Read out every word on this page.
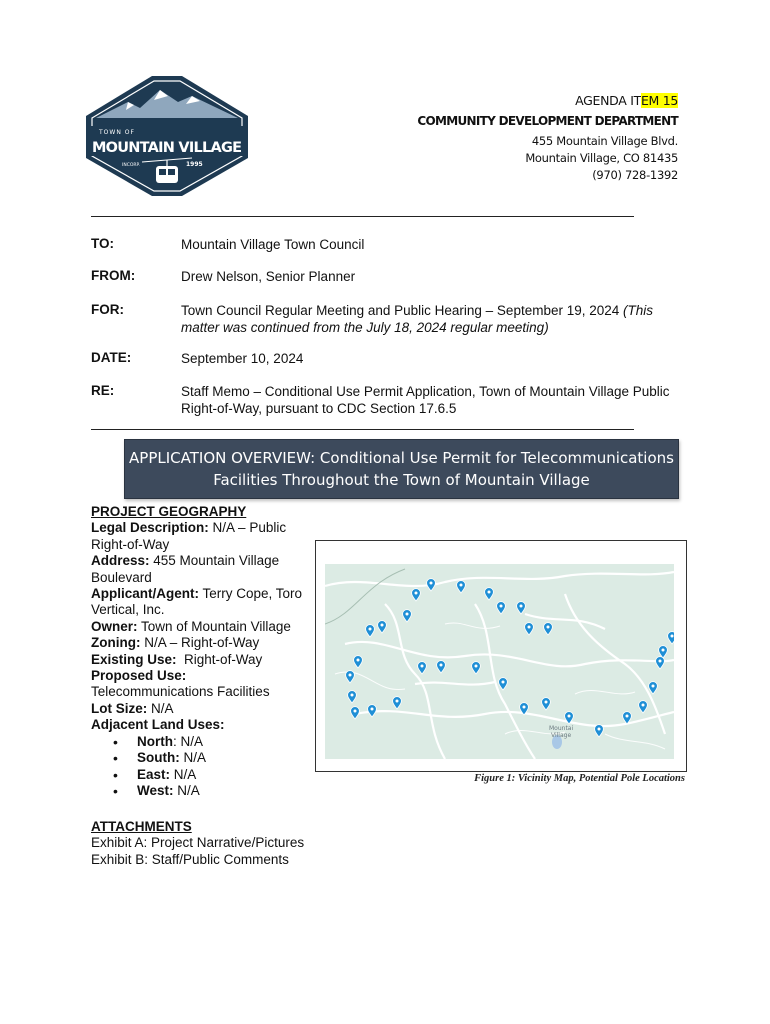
TOWN OF
MOUNTAIN VILLAGE
INCORP.	1995
AGENDA ITEM 15
COMMUNITY DEVELOPMENT DEPARTMENT
455 Mountain Village Blvd.
Mountain Village, CO 81435
(970) 728-1392
TO:	Mountain Village Town Council
FROM:	Drew Nelson, Senior Planner
FOR:	Town Council Regular Meeting and Public Hearing – September 19, 2024 (This matter was continued from the July 18, 2024 regular meeting)
DATE:	September 10, 2024
RE:	Staff Memo – Conditional Use Permit Application, Town of Mountain Village Public Right-of-Way, pursuant to CDC Section 17.6.5
APPLICATION OVERVIEW: Conditional Use Permit for Telecommunications
Facilities Throughout the Town of Mountain Village
PROJECT GEOGRAPHY
Legal Description: N/A – Public Right-of-Way
Address: 455 Mountain Village Boulevard
Applicant/Agent: Terry Cope, Toro Vertical, Inc.
Owner: Town of Mountain Village
Zoning: N/A – Right-of-Way
Existing Use: Right-of-Way
Proposed Use: Telecommunications Facilities
Lot Size: N/A
Adjacent Land Uses:
• North: N/A
• South: N/A
• East: N/A
• West: N/A
Mountai
Village
Figure 1: Vicinity Map, Potential Pole Locations
ATTACHMENTS
Exhibit A: Project Narrative/Pictures
Exhibit B: Staff/Public Comments
